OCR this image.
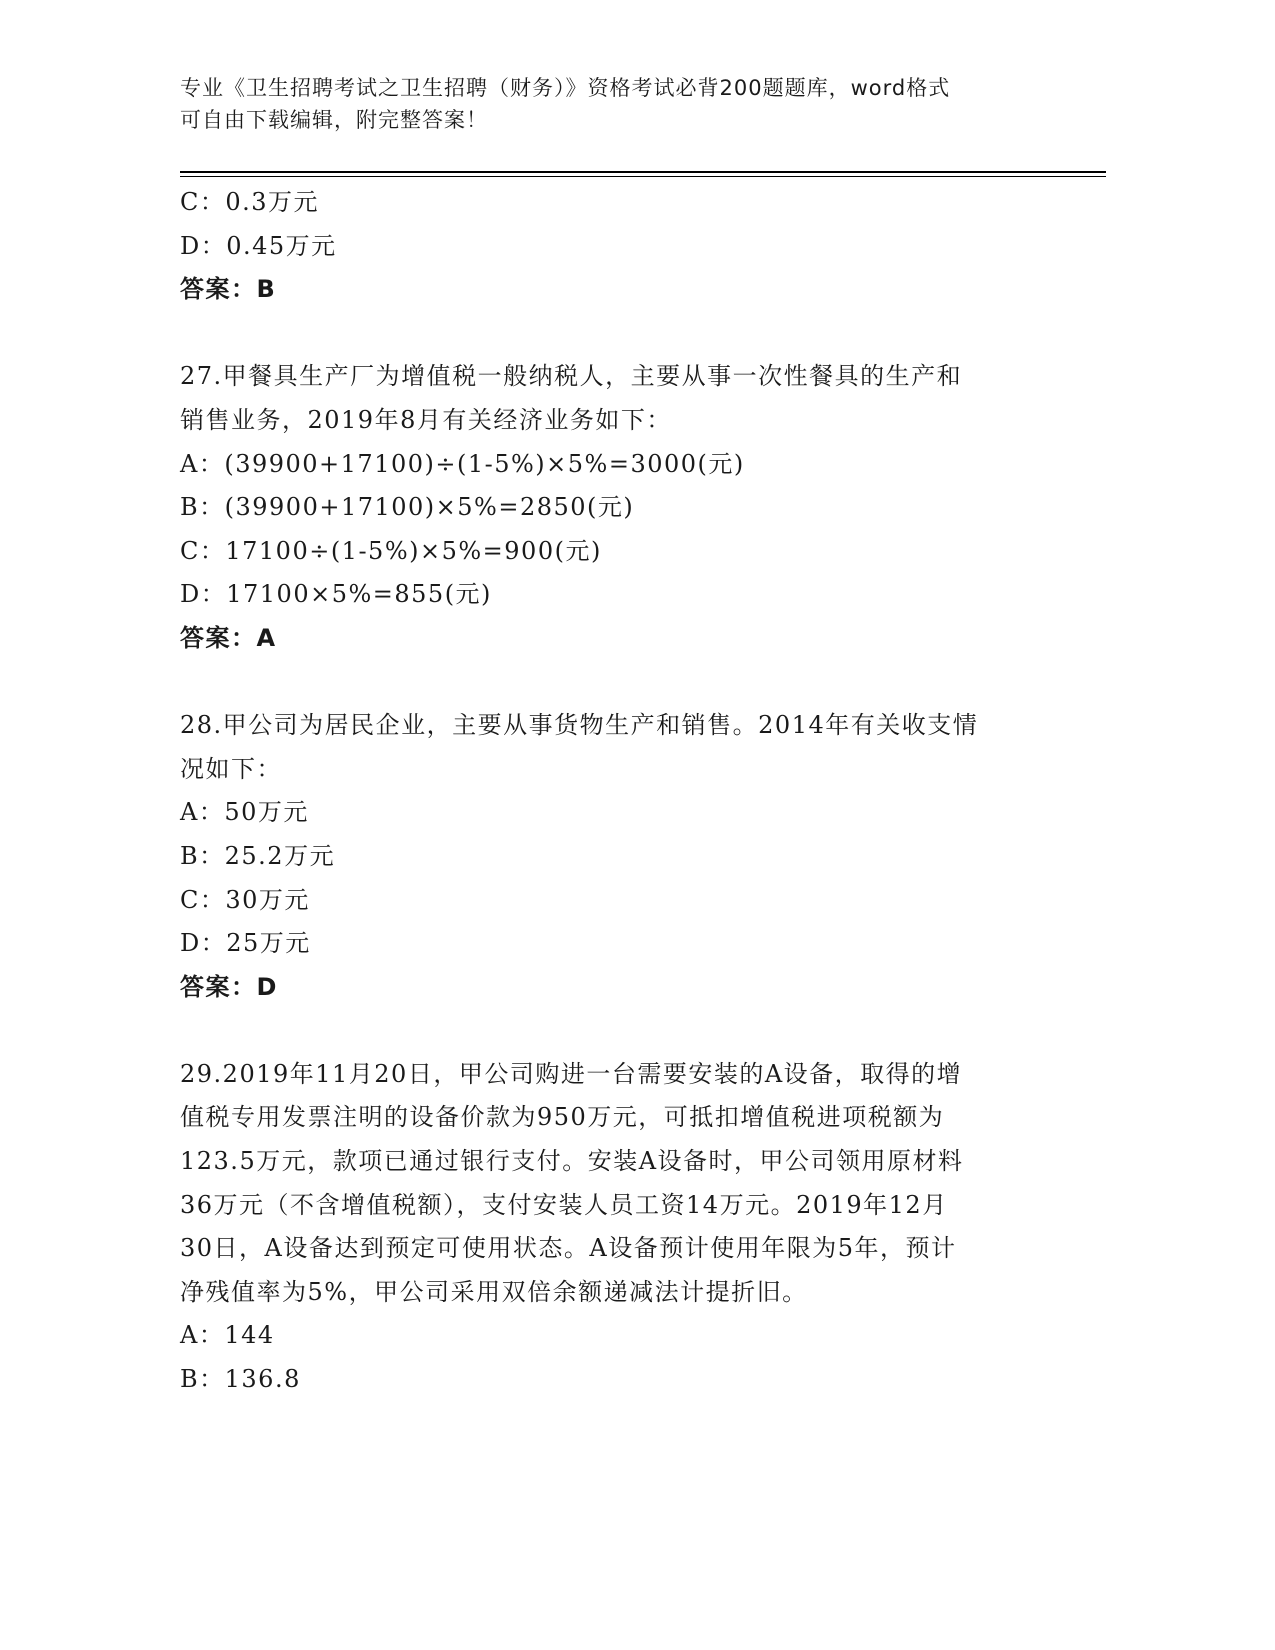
专业《卫生招聘考试之卫生招聘（财务）》资格考试必背200题题库，word格式
可自由下载编辑，附完整答案！
C：0.3万元
D：0.45万元
答案：B
27.甲餐具生产厂为增值税一般纳税人，主要从事一次性餐具的生产和
销售业务，2019年8月有关经济业务如下：
A：(39900+17100)÷(1-5%)×5%=3000(元)
B：(39900+17100)×5%=2850(元)
C：17100÷(1-5%)×5%=900(元)
D：17100×5%=855(元)
答案：A
28.甲公司为居民企业，主要从事货物生产和销售。2014年有关收支情
况如下：
A：50万元
B：25.2万元
C：30万元
D：25万元
答案：D
29.2019年11月20日，甲公司购进一台需要安装的A设备，取得的增
值税专用发票注明的设备价款为950万元，可抵扣增值税进项税额为
123.5万元，款项已通过银行支付。安装A设备时，甲公司领用原材料
36万元（不含增值税额），支付安装人员工资14万元。2019年12月
30日，A设备达到预定可使用状态。A设备预计使用年限为5年，预计
净残值率为5%，甲公司采用双倍余额递减法计提折旧。
A：144
B：136.8
